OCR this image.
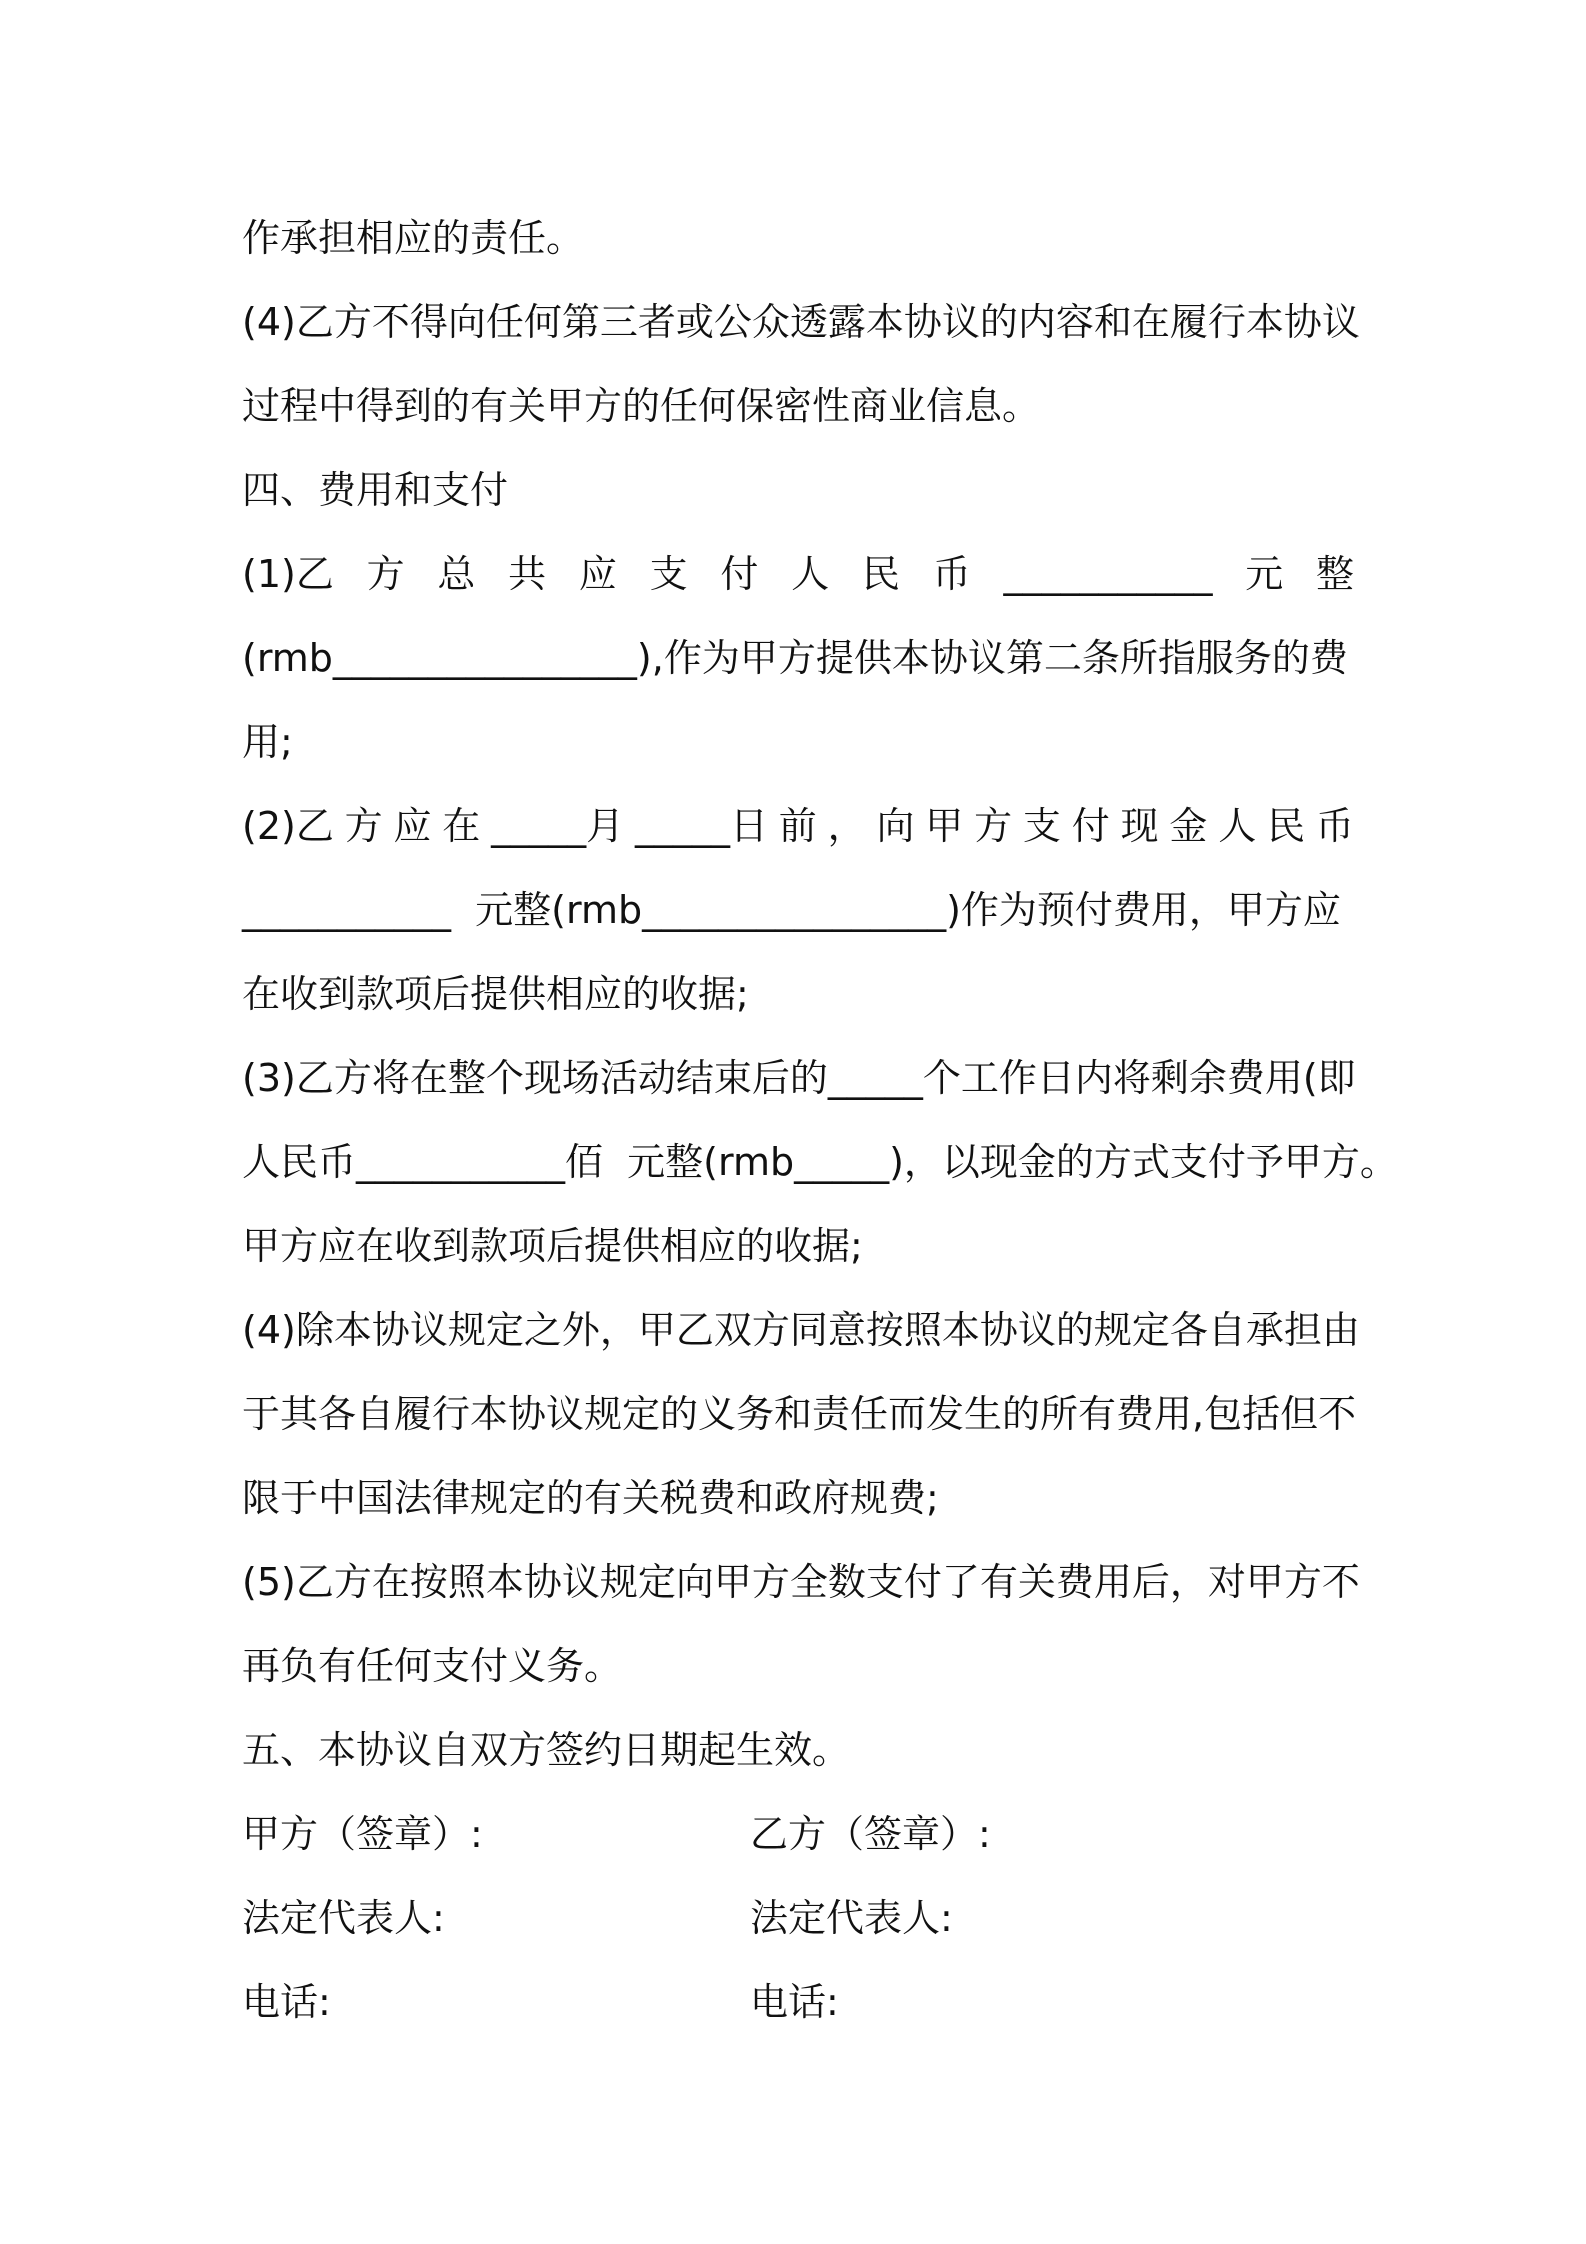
作承担相应的责任。
(4)乙方不得向任何第三者或公众透露本协议的内容和在履行本协议
过程中得到的有关甲方的任何保密性商业信息。
四、费用和支付
(1)乙 方 总 共 应 支 付 人 民 币 ___________ 元 整
(rmb________________),作为甲方提供本协议第二条所指服务的费
用;
(2)乙 方 应 在 _____月 _____日 前 ， 向 甲 方 支 付 现 金 人 民 币
___________  元整(rmb________________)作为预付费用，甲方应
在收到款项后提供相应的收据;
(3)乙方将在整个现场活动结束后的_____个工作日内将剩余费用(即
人民币___________佰  元整(rmb_____)，以现金的方式支付予甲方。
甲方应在收到款项后提供相应的收据;
(4)除本协议规定之外，甲乙双方同意按照本协议的规定各自承担由
于其各自履行本协议规定的义务和责任而发生的所有费用,包括但不
限于中国法律规定的有关税费和政府规费;
(5)乙方在按照本协议规定向甲方全数支付了有关费用后，对甲方不
再负有任何支付义务。
五、本协议自双方签约日期起生效。
甲方（签章）:	乙方（签章）:
法定代表人:	法定代表人:
电话:	电话:
